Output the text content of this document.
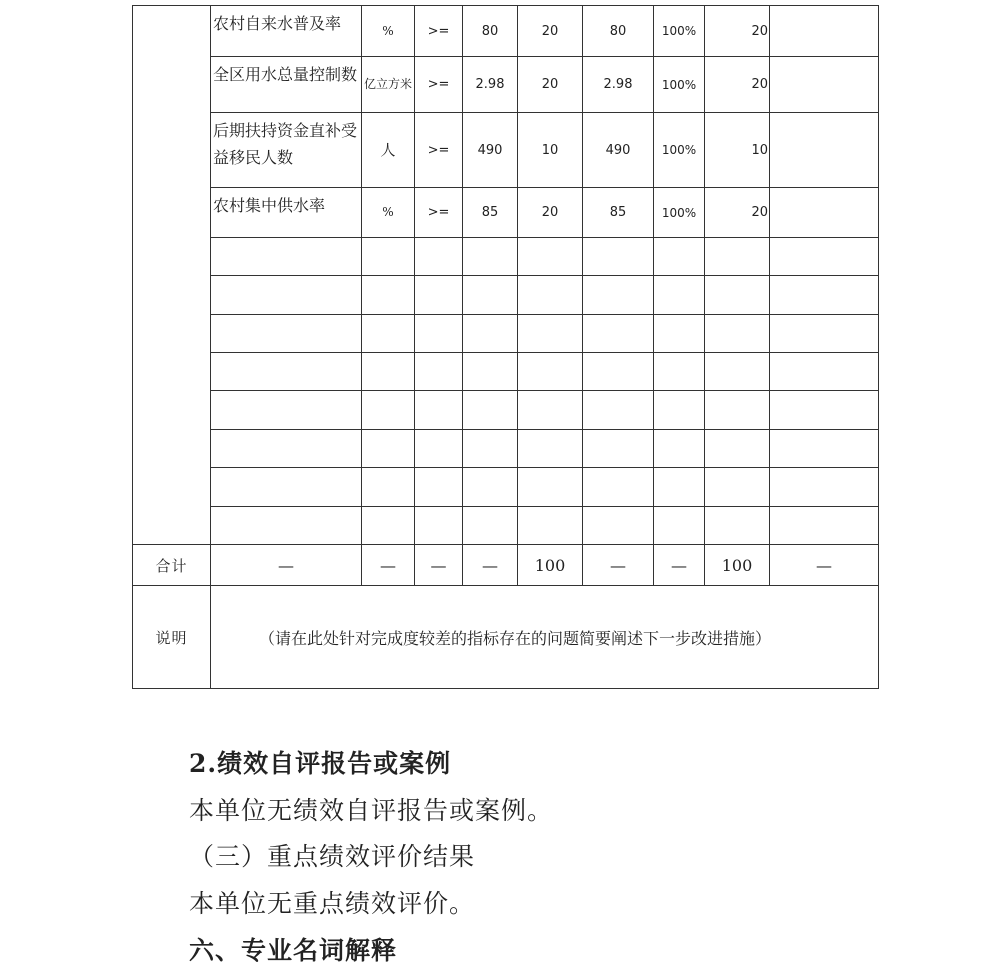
	农村自来水普及率	%	>=	80	20	80	100%	20	
	全区用水总量控制数	亿立方米	>=	2.98	20	2.98	100%	20	
	后期扶持资金直补受益移民人数	人	>=	490	10	490	100%	10	
	农村集中供水率	%	>=	85	20	85	100%	20	

合计	—	—	—	—	100	—	—	100	—
说明	（请在此处针对完成度较差的指标存在的问题简要阐述下一步改进措施）								
2.绩效自评报告或案例
本单位无绩效自评报告或案例。
（三）重点绩效评价结果
本单位无重点绩效评价。
六、专业名词解释
